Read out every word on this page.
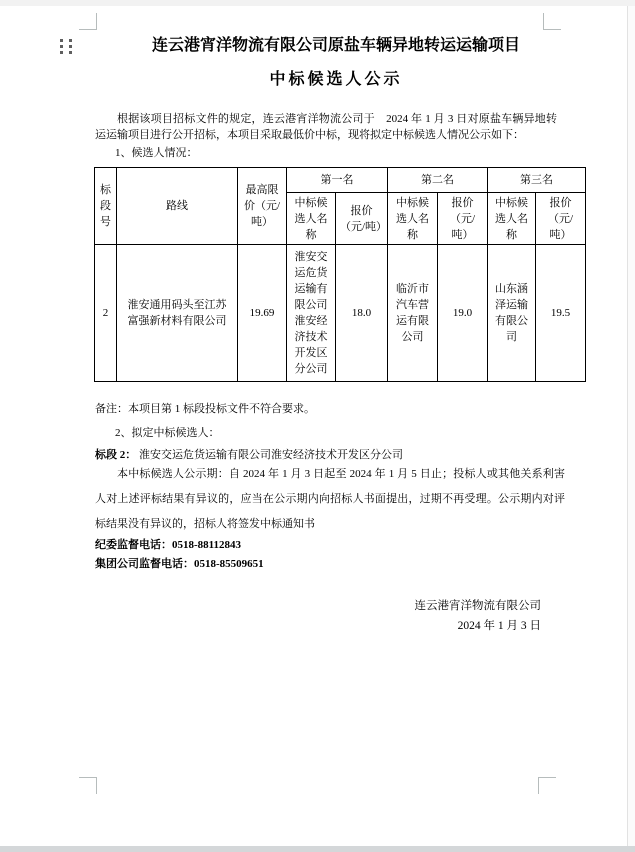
连云港宵洋物流有限公司原盐车辆异地转运运输项目
中标候选人公示

根据该项目招标文件的规定，连云港宵洋物流公司于　2024 年 1 月 3 日对原盐车辆异地转运运输项目进行公开招标，本项目采取最低价中标，现将拟定中标候选人情况公示如下：

1、候选人情况：
标段号	路线	最高限价（元/吨）	第一名		第二名		第三名	
			中标候选人名称	报价（元/吨）	中标候选人名称	报价（元/吨）	中标候选人名称	报价（元/吨）
2	淮安通用码头至江苏富强新材料有限公司	19.69	淮安交运危货运输有限公司淮安经济技术开发区分公司	18.0	临沂市汽车营运有限公司	19.0	山东涵泽运输有限公司	19.5
备注：本项目第 1 标段投标文件不符合要求。
2、拟定中标候选人：
标段 2： 淮安交运危货运输有限公司淮安经济技术开发区分公司

本中标候选人公示期：自 2024 年 1 月 3 日起至 2024 年 1 月 5 日止；投标人或其他关系利害人对上述评标结果有异议的，应当在公示期内向招标人书面提出，过期不再受理。公示期内对评标结果没有异议的，招标人将签发中标通知书

纪委监督电话：0518-88112843
集团公司监督电话：0518-85509651
连云港宵洋物流有限公司
2024 年 1 月 3 日
